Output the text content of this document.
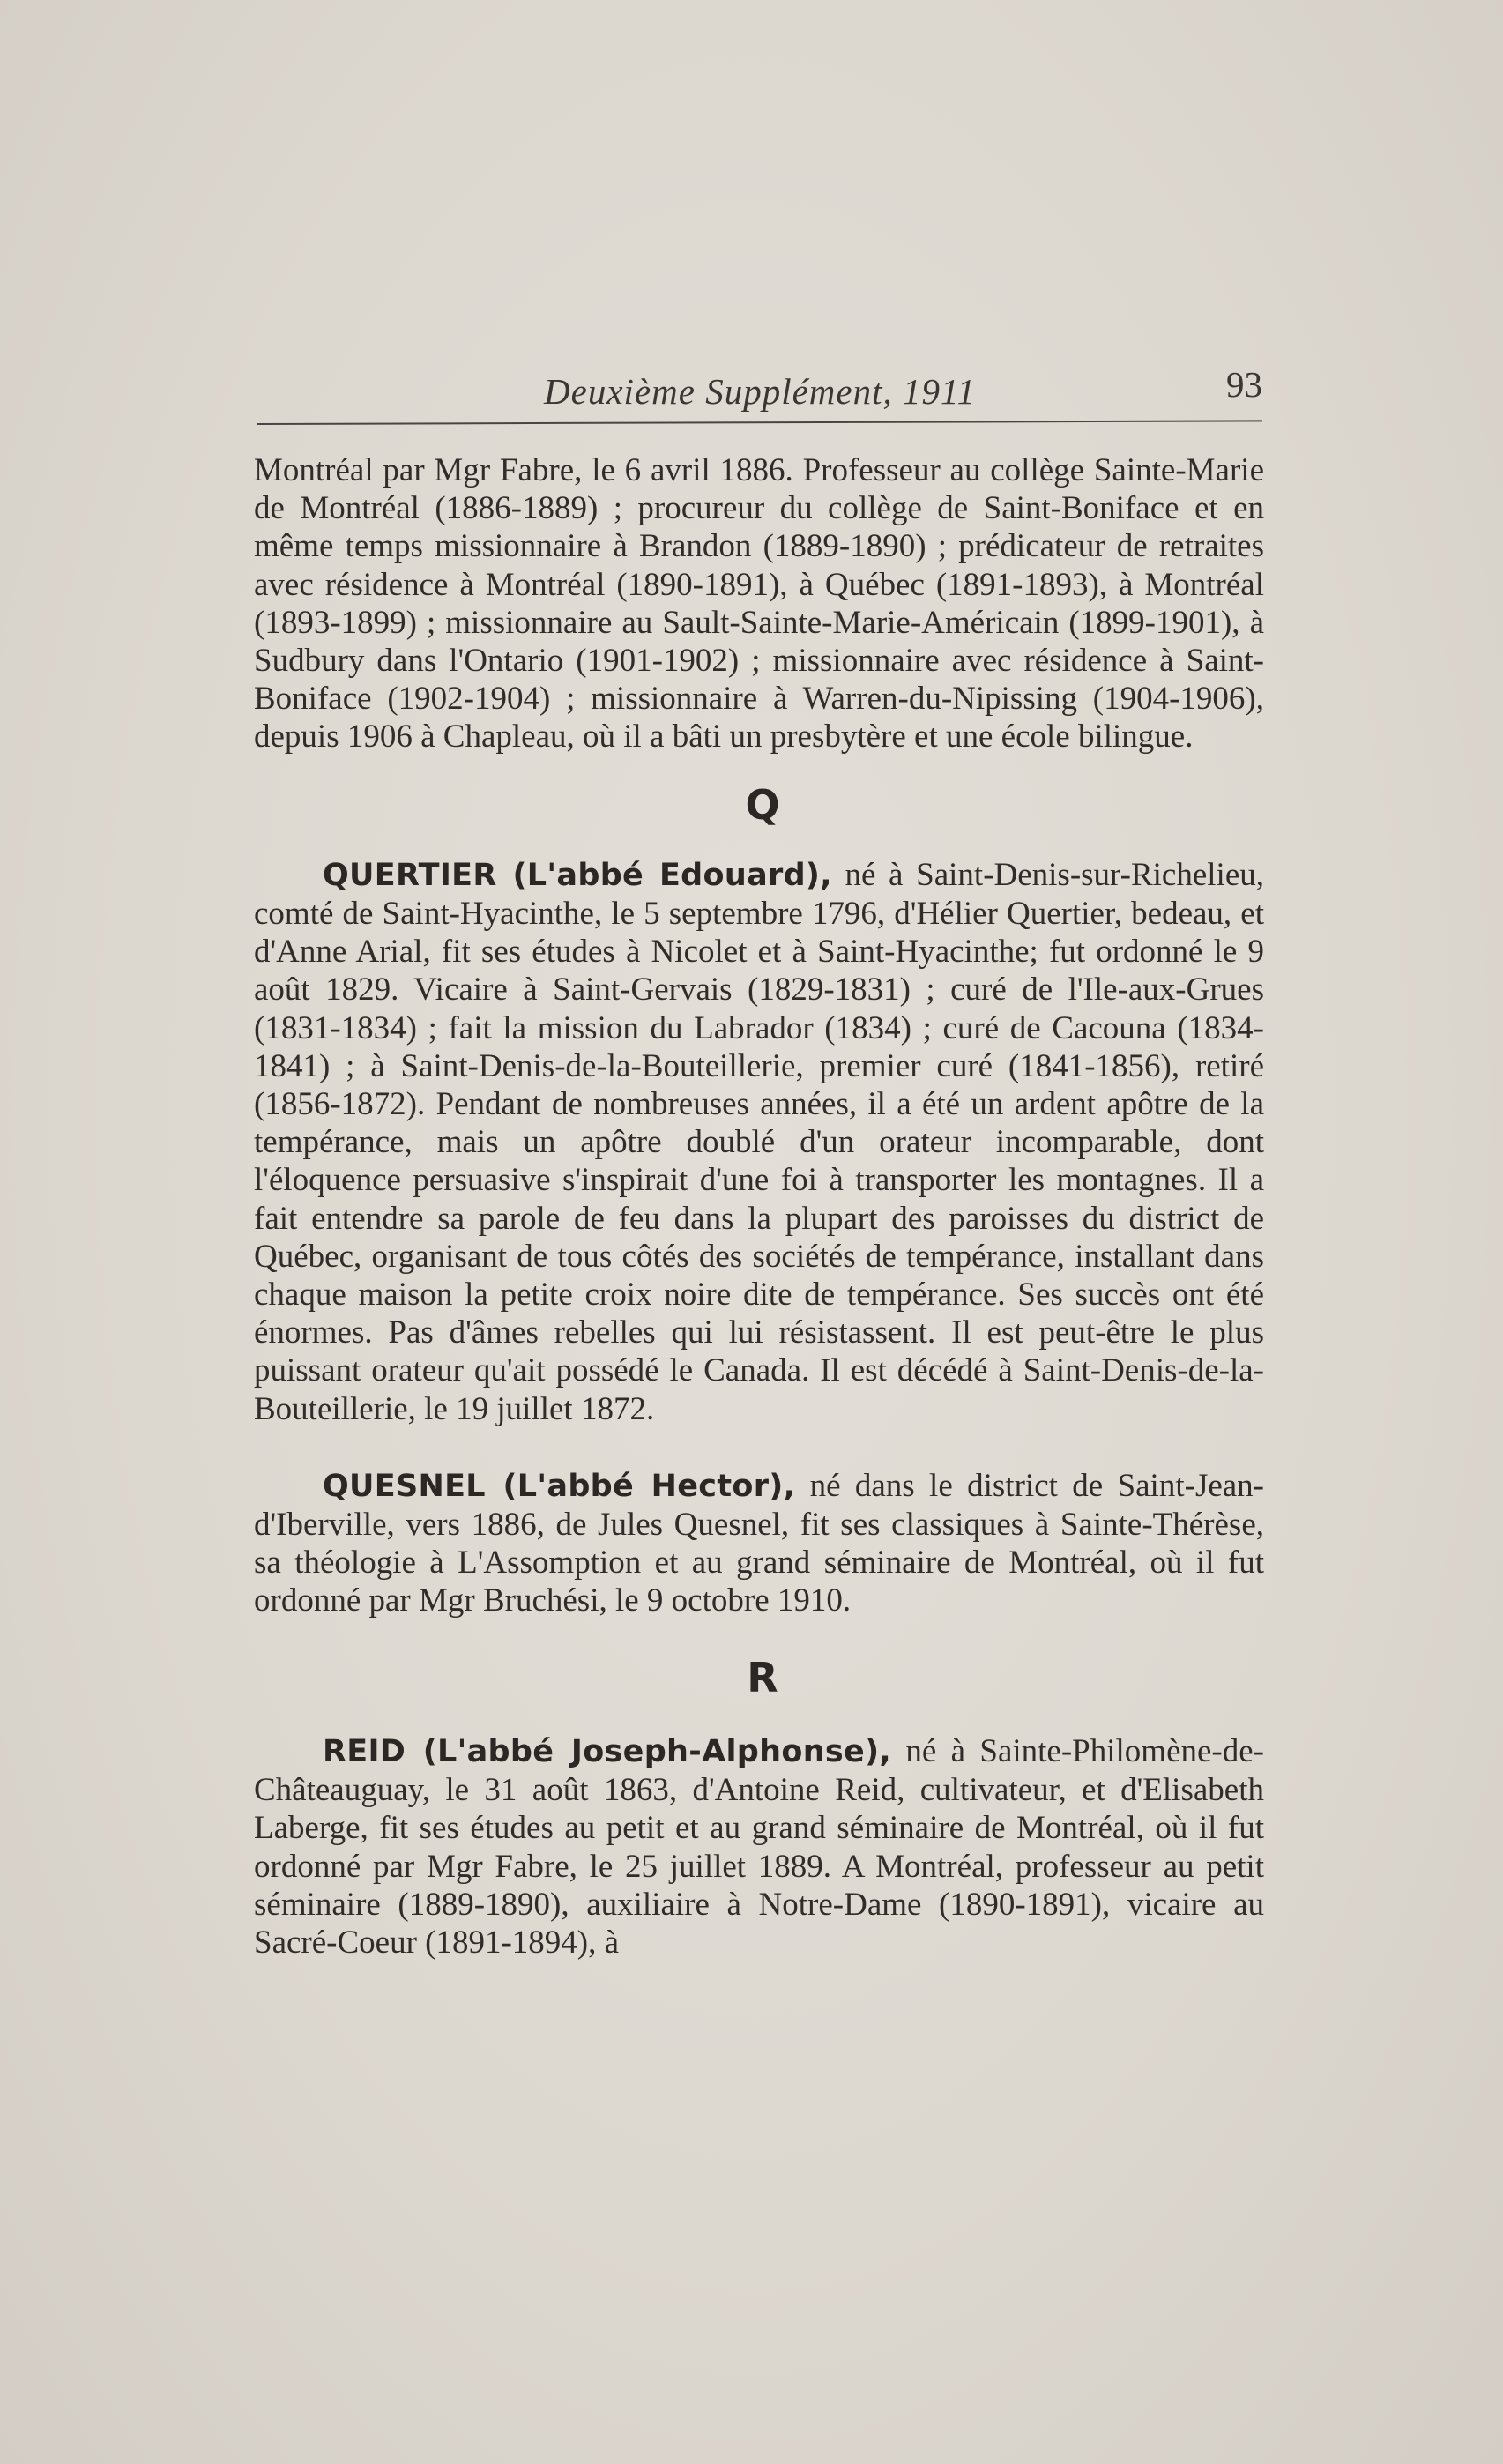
Deuxième Supplément, 1911	93

Montréal par Mgr Fabre, le 6 avril 1886. Professeur au collège Sainte-Marie de Montréal (1886-1889) ; procureur du collège de Saint-Boniface et en même temps missionnaire à Brandon (1889-1890) ; prédicateur de retraites avec résidence à Montréal (1890-1891), à Québec (1891-1893), à Montréal (1893-1899) ; missionnaire au Sault-Sainte-Marie-Américain (1899-1901), à Sudbury dans l'Ontario (1901-1902) ; missionnaire avec résidence à Saint-Boniface (1902-1904) ; missionnaire à Warren-du-Nipissing (1904-1906), depuis 1906 à Chapleau, où il a bâti un presbytère et une école bilingue.

Q

QUERTIER (L'abbé Edouard), né à Saint-Denis-sur-Richelieu, comté de Saint-Hyacinthe, le 5 septembre 1796, d'Hélier Quertier, bedeau, et d'Anne Arial, fit ses études à Nicolet et à Saint-Hyacinthe; fut ordonné le 9 août 1829. Vicaire à Saint-Gervais (1829-1831) ; curé de l'Ile-aux-Grues (1831-1834) ; fait la mission du Labrador (1834) ; curé de Cacouna (1834-1841) ; à Saint-Denis-de-la-Bouteillerie, premier curé (1841-1856), retiré (1856-1872). Pendant de nombreuses années, il a été un ardent apôtre de la tempérance, mais un apôtre doublé d'un orateur incomparable, dont l'éloquence persuasive s'inspirait d'une foi à transporter les montagnes. Il a fait entendre sa parole de feu dans la plupart des paroisses du district de Québec, organisant de tous côtés des sociétés de tempérance, installant dans chaque maison la petite croix noire dite de tempérance. Ses succès ont été énormes. Pas d'âmes rebelles qui lui résistassent. Il est peut-être le plus puissant orateur qu'ait possédé le Canada. Il est décédé à Saint-Denis-de-la-Bouteillerie, le 19 juillet 1872.

QUESNEL (L'abbé Hector), né dans le district de Saint-Jean-d'Iberville, vers 1886, de Jules Quesnel, fit ses classiques à Sainte-Thérèse, sa théologie à L'Assomption et au grand séminaire de Montréal, où il fut ordonné par Mgr Bruchési, le 9 octobre 1910.

R

REID (L'abbé Joseph-Alphonse), né à Sainte-Philomène-de-Châteauguay, le 31 août 1863, d'Antoine Reid, cultivateur, et d'Elisabeth Laberge, fit ses études au petit et au grand séminaire de Montréal, où il fut ordonné par Mgr Fabre, le 25 juillet 1889. A Montréal, professeur au petit séminaire (1889-1890), auxiliaire à Notre-Dame (1890-1891), vicaire au Sacré-Coeur (1891-1894), à
